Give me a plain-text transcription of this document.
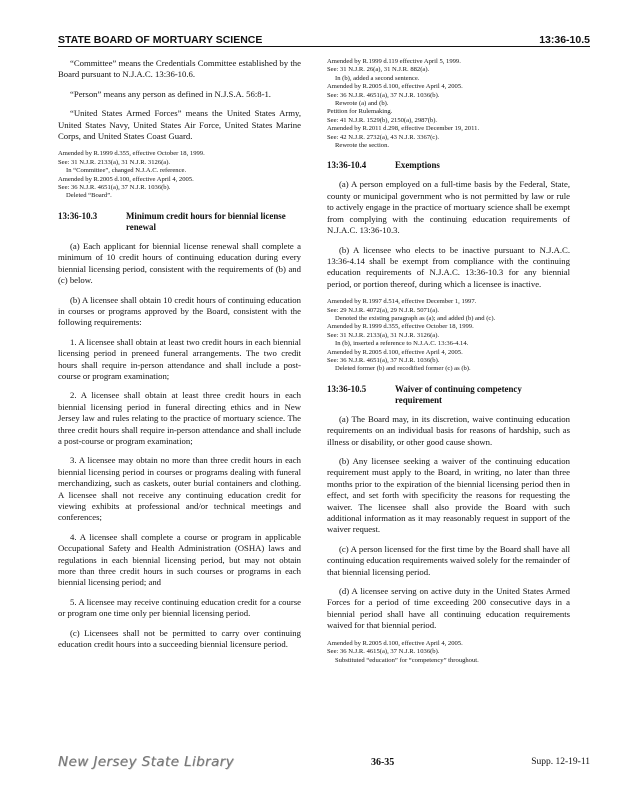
STATE BOARD OF MORTUARY SCIENCE	13:36-10.5

“Committee” means the Credentials Committee established by the Board pursuant to N.J.A.C. 13:36-10.6.

“Person” means any person as defined in N.J.S.A. 56:8-1.

“United States Armed Forces” means the United States Army, United States Navy, United States Air Force, United States Marine Corps, and United States Coast Guard.

Amended by R.1999 d.355, effective October 18, 1999.
See: 31 N.J.R. 2133(a), 31 N.J.R. 3126(a).
In “Committee”, changed N.J.A.C. reference.
Amended by R.2005 d.100, effective April 4, 2005.
See: 36 N.J.R. 4651(a), 37 N.J.R. 1036(b).
Deleted “Board”.
13:36-10.3	Minimum credit hours for biennial license renewal

(a) Each applicant for biennial license renewal shall complete a minimum of 10 credit hours of continuing education during every biennial licensing period, consistent with the requirements of (b) and (c) below.

(b) A licensee shall obtain 10 credit hours of continuing education in courses or programs approved by the Board, consistent with the following requirements:

1. A licensee shall obtain at least two credit hours in each biennial licensing period in preneed funeral arrangements. The two credit hours shall require in-person attendance and shall include a post-course or program examination;

2. A licensee shall obtain at least three credit hours in each biennial licensing period in funeral directing ethics and in New Jersey law and rules relating to the practice of mortuary science. The three credit hours shall require in-person attendance and shall include a post-course or program examination;

3. A licensee may obtain no more than three credit hours in each biennial licensing period in courses or programs dealing with funeral merchandizing, such as caskets, outer burial containers and clothing. A licensee shall not receive any continuing education credit for viewing exhibits at professional and/or technical meetings and conferences;

4. A licensee shall complete a course or program in applicable Occupational Safety and Health Administration (OSHA) laws and regulations in each biennial licensing period, but may not obtain more than three credit hours in such courses or programs in each biennial licensing period; and

5. A licensee may receive continuing education credit for a course or program one time only per biennial licensing period.

(c) Licensees shall not be permitted to carry over continuing education credit hours into a succeeding biennial licensure period.

Amended by R.1999 d.119 effective April 5, 1999.
See: 31 N.J.R. 26(a), 31 N.J.R. 882(a).
In (b), added a second sentence.
Amended by R.2005 d.100, effective April 4, 2005.
See: 36 N.J.R. 4651(a), 37 N.J.R. 1036(b).
Rewrote (a) and (b).
Petition for Rulemaking.
See: 41 N.J.R. 1529(b), 2150(a), 2987(b).
Amended by R.2011 d.298, effective December 19, 2011.
See: 42 N.J.R. 2732(a), 43 N.J.R. 3367(c).
Rewrote the section.
13:36-10.4	Exemptions

(a) A person employed on a full-time basis by the Federal, State, county or municipal government who is not permitted by law or rule to actively engage in the practice of mortuary science shall be exempt from complying with the continuing education requirements of N.J.A.C. 13:36-10.3.

(b) A licensee who elects to be inactive pursuant to N.J.A.C. 13:36-4.14 shall be exempt from compliance with the continuing education requirements of N.J.A.C. 13:36-10.3 for any biennial period, or portion thereof, during which a licensee is inactive.

Amended by R.1997 d.514, effective December 1, 1997.
See: 29 N.J.R. 4072(a), 29 N.J.R. 5071(a).
Denoted the existing paragraph as (a); and added (b) and (c).
Amended by R.1999 d.355, effective October 18, 1999.
See: 31 N.J.R. 2133(a), 31 N.J.R. 3126(a).
In (b), inserted a reference to N.J.A.C. 13:36-4.14.
Amended by R.2005 d.100, effective April 4, 2005.
See: 36 N.J.R. 4651(a), 37 N.J.R. 1036(b).
Deleted former (b) and recodified former (c) as (b).
13:36-10.5	Waiver of continuing competency requirement

(a) The Board may, in its discretion, waive continuing education requirements on an individual basis for reasons of hardship, such as illness or disability, or other good cause shown.

(b) Any licensee seeking a waiver of the continuing education requirement must apply to the Board, in writing, no later than three months prior to the expiration of the biennial licensing period then in effect, and set forth with specificity the reasons for requesting the waiver. The licensee shall also provide the Board with such additional information as it may reasonably request in support of the waiver request.

(c) A person licensed for the first time by the Board shall have all continuing education requirements waived solely for the remainder of that biennial licensing period.

(d) A licensee serving on active duty in the United States Armed Forces for a period of time exceeding 200 consecutive days in a biennial period shall have all continuing education requirements waived for that biennial period.

Amended by R.2005 d.100, effective April 4, 2005.
See: 36 N.J.R. 4615(a), 37 N.J.R. 1036(b).
Substituted “education” for “competency” throughout.
New Jersey State Library	36-35	Supp. 12-19-11
